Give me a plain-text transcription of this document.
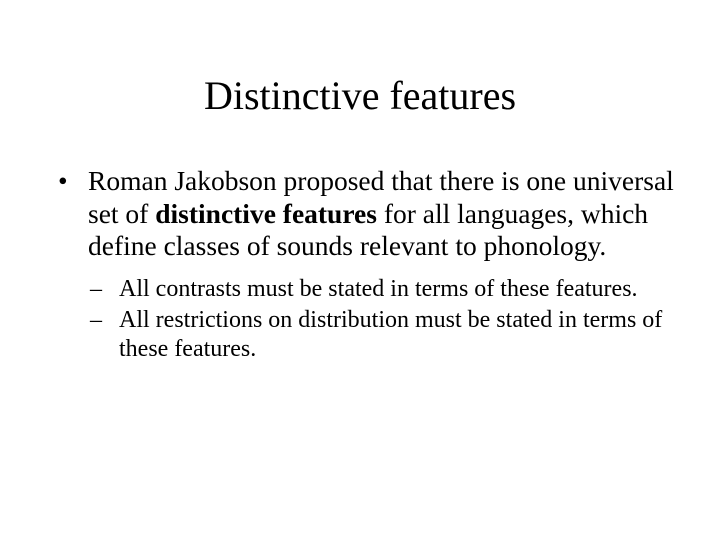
Distinctive features
• Roman Jakobson proposed that there is one universal set of distinctive features for all languages, which define classes of sounds relevant to phonology.
– All contrasts must be stated in terms of these features.
– All restrictions on distribution must be stated in terms of these features.
